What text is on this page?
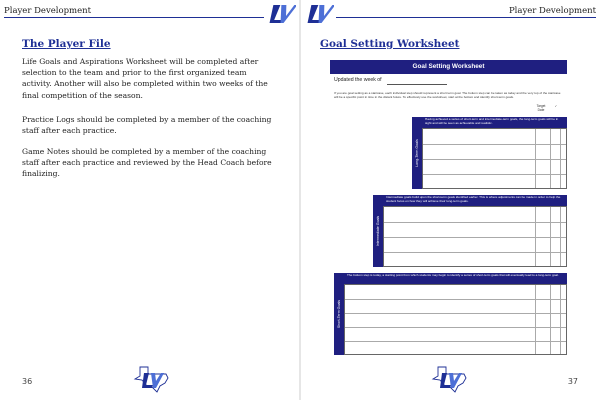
Player Development
The Player File
Life Goals and Aspirations Worksheet will be completed after selection to the team and prior to the first organized team activity. Another will also be completed within two weeks of the final competition of the season.
Practice Logs should be completed by a member of the coaching staff after each practice.
Game Notes should be completed by a member of the coaching staff after each practice and reviewed by the Head Coach before finalizing.
36
Player Development
Goal Setting Worksheet
Goal Setting Worksheet
Updated the week of
If you are goal setting as a staircase, each individual step should represent a short term goal. The bottom step can be taken as today and the very top of the staircase will be a specific point in time in the distant future. To effectively use the worksheet, start at the bottom and identify short-term goals.
Target Date
✓
Long-Term Goals
Having achieved a series of short-term and intermediate-term goals, the long-term goals will be in sight and will be seen as achievable and realistic.
Intermediate Goals
Intermediate goals build upon the short-term goals identified earlier. This is where adjustments can be made in order to help the student focus on how they will achieve their long-term goals.
Short-Term Goals
The bottom step is today, a starting point from which students may begin to identify a series of short-term goals that will eventually lead to a long-term goal.
37
